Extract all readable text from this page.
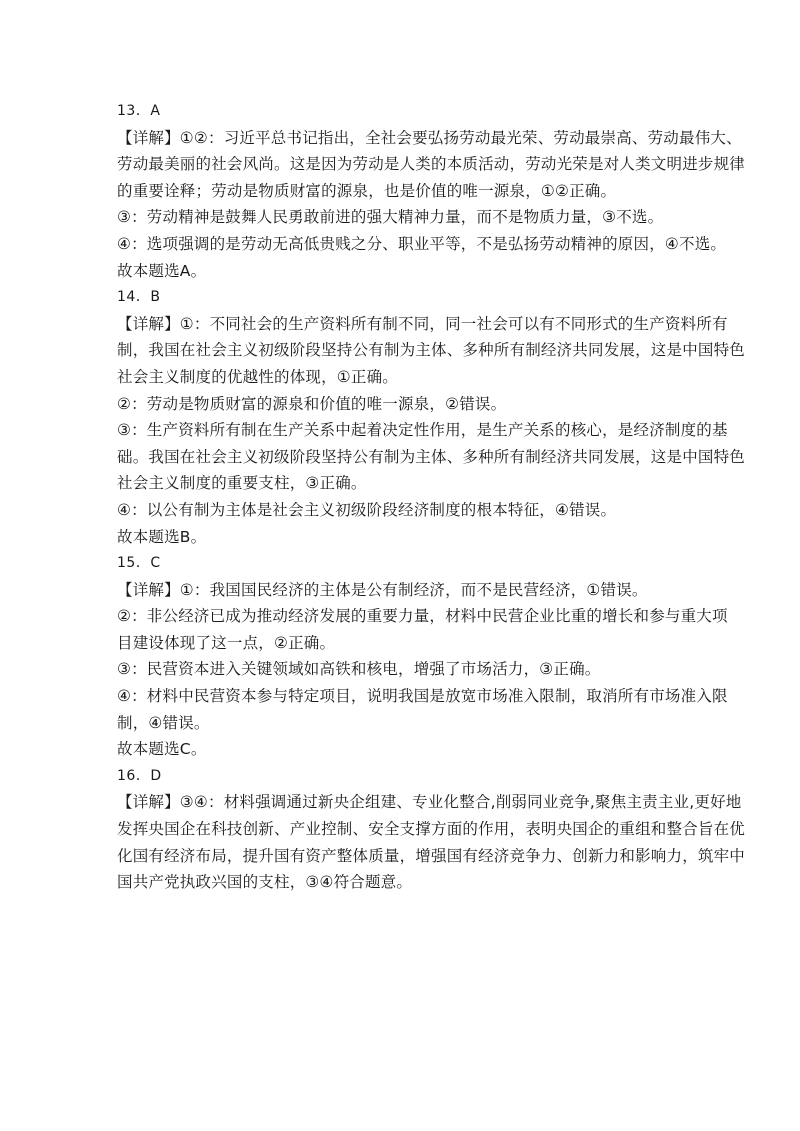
13．A
【详解】①②：习近平总书记指出，全社会要弘扬劳动最光荣、劳动最崇高、劳动最伟大、
劳动最美丽的社会风尚。这是因为劳动是人类的本质活动，劳动光荣是对人类文明进步规律
的重要诠释；劳动是物质财富的源泉，也是价值的唯一源泉，①②正确。
③：劳动精神是鼓舞人民勇敢前进的强大精神力量，而不是物质力量，③不选。
④：选项强调的是劳动无高低贵贱之分、职业平等，不是弘扬劳动精神的原因，④不选。
故本题选A。
14．B
【详解】①：不同社会的生产资料所有制不同，同一社会可以有不同形式的生产资料所有
制，我国在社会主义初级阶段坚持公有制为主体、多种所有制经济共同发展，这是中国特色
社会主义制度的优越性的体现，①正确。
②：劳动是物质财富的源泉和价值的唯一源泉，②错误。
③：生产资料所有制在生产关系中起着决定性作用，是生产关系的核心，是经济制度的基
础。我国在社会主义初级阶段坚持公有制为主体、多种所有制经济共同发展，这是中国特色
社会主义制度的重要支柱，③正确。
④：以公有制为主体是社会主义初级阶段经济制度的根本特征，④错误。
故本题选B。
15．C
【详解】①：我国国民经济的主体是公有制经济，而不是民营经济，①错误。
②：非公经济已成为推动经济发展的重要力量，材料中民营企业比重的增长和参与重大项
目建设体现了这一点，②正确。
③：民营资本进入关键领域如高铁和核电，增强了市场活力，③正确。
④：材料中民营资本参与特定项目，说明我国是放宽市场准入限制，取消所有市场准入限
制，④错误。
故本题选C。
16．D
【详解】③④：材料强调通过新央企组建、专业化整合,削弱同业竞争,聚焦主责主业,更好地
发挥央国企在科技创新、产业控制、安全支撑方面的作用，表明央国企的重组和整合旨在优
化国有经济布局，提升国有资产整体质量，增强国有经济竞争力、创新力和影响力，筑牢中
国共产党执政兴国的支柱，③④符合题意。
